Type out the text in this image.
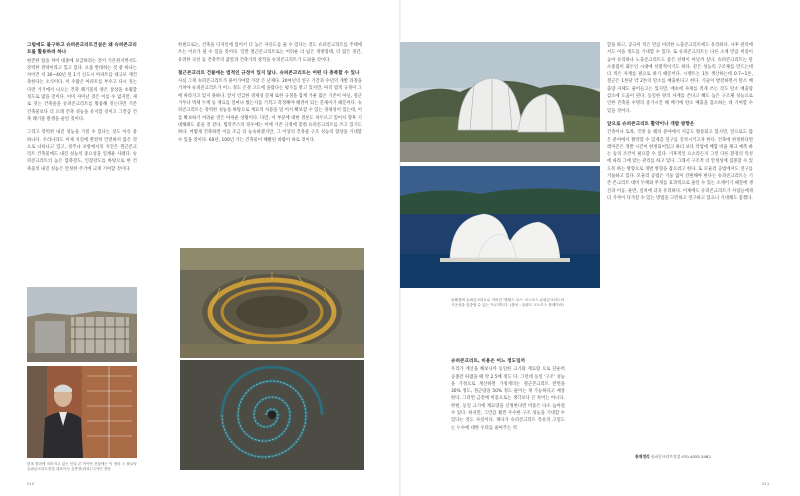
그럼에도 불구하고 슈퍼콘크리트건설은 왜 슈퍼콘크리트를 활용하려 하나

현존한 압을 처어 대중에 보급하려는 것이 기본취지면서도 강력한 전략이라고 있고 있다. 요즘 반테하는 것 중 하나는 자이건 저 30~40년 된 1기 신도시 아파트를 대규모 재건축한다는 소식이다. 이 수많은 아파트를 부수고 다시 짓는다면 거기에서 나오는 건축 폐기물의 양은 상상을 초월할 정도로 많을 것이다. 이미 자미난 것은 이를 수 없지만, 새로 짓는 건축물을 슈퍼콘크리트를 활용해 짓는다면 기존 건축물보다 더 오래 건축 성능을 유지할 것이고 그만큼 건축 폐기물 발생을 줄일 것이다.

그리고 강력한 내진 성능을 가질 수 있다는 것도 이유 중 하나다. 우리나라도 이제 지진에 완전히 안전하지 않은 것으로 나타나고 있고, 경주나 포항에서의 지진은 철근콘크리트 건축물에도 내진 성능의 중요성을 일깨운 사례다. 슈퍼콘크리트의 높은 압축강도, 인장강도를 바탕으로 한 건축물의 내진 성능은 안정한 주거에 크게 기여할 것이다.

한옥 콜라에 지어지고 있는 인설 콘 아이안 건물에는 이 정의 스 플로팅 슈퍼콘크리트건설 대표이사 김종현(대표) 디자인 전망

한편으로는, 건축을 디자인에 있어서 더 높은 자유도를 줄 수 있다는 것도 슈퍼콘크리트를 주택에 쓰는 이유가 될 수 있을 것이다. 일반 철근콘크리트로는 어려운 더 넓은 개방형태, 더 얇은 경간, 유려한 곡선 등 건축주의 꿈앞과 건축가의 창작을 슈퍼콘크리트가 도와줄 것이다.

철근콘크리트 건물에는 법적인 규정이 있지 않나. 슈퍼콘크리트는 어떤 다 충족할 수 있나

사실 그게 슈퍼콘크리트가 풀어가야할 가장 큰 난제다. 20여년의 연구 기간과 수년의 개발 과정을 거쳐야 슈퍼콘크리트가 어느 정도 은정 고도에 올랐다는 평가를 받고 있지만, 아직 법적 규정이 그에 따라가고 있지 못하다. 앞서 언급한 경제성 문제 또한 규정을 잠재 가운 많은 기존이 아닌, 철근 거푸나 벽체 두께 등 재료를 얼마나 썼는지를 기적고 측정해야 해결이 되는 문제이기 때문이다. 슈퍼콘크리트는 강력한 성능을 바탕으로 재료의 사용을 덜 어서 확보할 수 있는 경제성이 있는데, 이를 확보하기 어려운 것은 아쉬운 상황이다. 다만, 이 부분에 대한 결론도 차두르고 있어서 향후 기대해봐도 좋을 것 같다. 법학주스의 경우에는 이에 기존 규정에 맞춰 슈퍼콘크리트를 쓰고 있기도 하다. 어떻게 건축하면 이를 조금 더 능숙하겠지만, 그 이상의 건축물 구조 성능의 향상을 기대할 수 있을 것이다. 60년, 100년 가는 건축물이 해봤된 바람이 바로 것이다.

010
올해정에 슈퍼콘크리트로 지어진 '엘레스 코스' 코스모스 슈퍼콘크리트의 시공성을 입증할 수 있는 프로젝트다. (출처 : 올림도 코스모스 플레이라)
슈퍼콘크리트, 비용은 어느 정도일까

우리가 계산을 해보니까 동일한 크기와 재료량 으로 단순히 공종만 따졌을 때 약 2.5배 정도 다. 그런데 동일 '구조' 성능을 가정으로 계산하면 가정계의는 철근콘크리트 반면을 30% 정도, 철근량을 50% 정도 줄이는 게 가능하다고 예상한다. 그러면 금전에 비용으로는 생각보다 큰 차이는 아니다. 한편, 동일 크기에 재료량을 산정한다면 비용은 다소 높아질 수 있다. 하지만, 그만큼 훨씬 우수한 구조 성능을 기대할 수 있다는 것도 사실이다. 재다가 슈퍼콘크리트 특유의 고밀도는 누수에 대한 우려를 줄여주는 역

할을 하고, 공극이 적은 만큼 미려한 노출콘크리트에도 유리하다. 사후 관리에서도 이을 정도를 기대할 수 있다. 또 슈퍼콘크리트는 다른 소재 만큼 비용이 높아 유리하나 노출콘크리트도 좋은 선택이 아닐까 싶다. 슈퍼콘크리트는 탄소중립이 화두인 시대에 선환적이기도 하다. 같은 성능의 구조체를 만드는데 더 적은 자재를 필요로 하기 때문이다. 시멘트는 1톤 생산하는데 0.7~1톤, 철근은 1톤당 약 2톤의 탄소를 배출한다고 한다. 기술이 발전하면서 탄소 배출량 자체도 줄어들고는 있지만, 애초에 자재를 적게 쓰는 것도 탄소 배출량 감소에 도움이 된다. 동일한 양의 자재를 쓴다고 해도 높은 구조체 성능으로 인한 건축물 수명의 증가시간 해 배기에 탄소 배출을 감소하는 데 기여할 수 있을 것이다.

앞으로 슈퍼콘크리트 활약이나 개발 방향은

건축이나 토목, 국방 등 폐의 분야에서 지금도 활용되고 있지만, 앞으로도 많은 분야에서 활약할 수 있게끔 연구를 진척시키고자 한다. 건축에 한정한다면 레미콘은 개발 시간이 한정되어있고 하더 보다 작업에 배합 비율 체크 예측 하는 등의 조건이 필요할 수 있다. 기후적인 요소라든지 그런 다른 환경의 특성에 따라 그에 맞는 관리를 하고 있다. 그래서 구조적 더 안정성에 집중할 수 있도록 하는 방향으로 개발 방향을 잡으려고 한다. 또 모듈러 공법에서도 연구를 거듭하고 있다. 모듈러 공법은 기둥 없이 간편해야 한다는 슈퍼콘크리트는 기존 콘크리트 대비 두께와 무게를 효과적으로 줄일 수 있는 소재이기 때문에 생산과 이동, 운반, 설치에 더욱 유리하다. 이제에도 슈퍼콘크리트가 사업들에게 더 가까이 다가갈 수 있는 방법을 고민하고 연구하고 있으니 기대해도 좋겠다.

취재정리 슈퍼콘크리트건설 070-4055-5462
011
